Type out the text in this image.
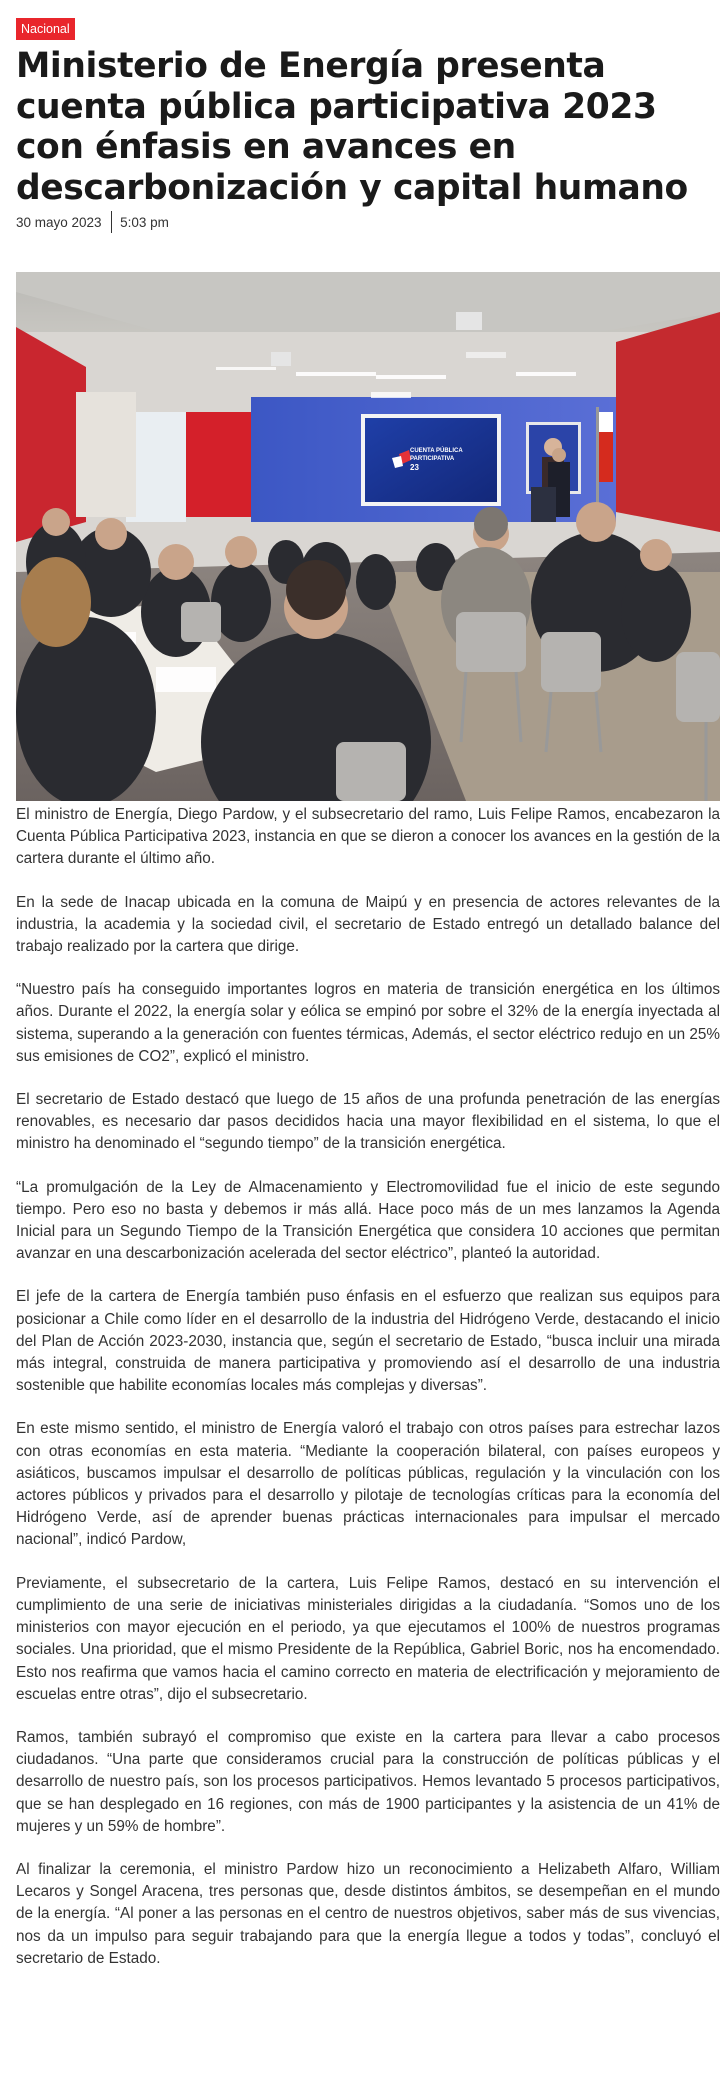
Nacional
Ministerio de Energía presenta cuenta pública participativa 2023 con énfasis en avances en descarbonización y capital humano
30 mayo 2023 5:03 pm
CUENTA PÚBLICA
PARTICIPATIVA
23

El ministro de Energía, Diego Pardow, y el subsecretario del ramo, Luis Felipe Ramos, encabezaron la Cuenta Pública Participativa 2023, instancia en que se dieron a conocer los avances en la gestión de la cartera durante el último año.

En la sede de Inacap ubicada en la comuna de Maipú y en presencia de actores relevantes de la industria, la academia y la sociedad civil, el secretario de Estado entregó un detallado balance del trabajo realizado por la cartera que dirige.

“Nuestro país ha conseguido importantes logros en materia de transición energética en los últimos años. Durante el 2022, la energía solar y eólica se empinó por sobre el 32% de la energía inyectada al sistema, superando a la generación con fuentes térmicas, Además, el sector eléctrico redujo en un 25% sus emisiones de CO2”, explicó el ministro.

El secretario de Estado destacó que luego de 15 años de una profunda penetración de las energías renovables, es necesario dar pasos decididos hacia una mayor flexibilidad en el sistema, lo que el ministro ha denominado el “segundo tiempo” de la transición energética.

“La promulgación de la Ley de Almacenamiento y Electromovilidad fue el inicio de este segundo tiempo. Pero eso no basta y debemos ir más allá. Hace poco más de un mes lanzamos la Agenda Inicial para un Segundo Tiempo de la Transición Energética que considera 10 acciones que permitan avanzar en una descarbonización acelerada del sector eléctrico”, planteó la autoridad.

El jefe de la cartera de Energía también puso énfasis en el esfuerzo que realizan sus equipos para posicionar a Chile como líder en el desarrollo de la industria del Hidrógeno Verde, destacando el inicio del Plan de Acción 2023-2030, instancia que, según el secretario de Estado, “busca incluir una mirada más integral, construida de manera participativa y promoviendo así el desarrollo de una industria sostenible que habilite economías locales más complejas y diversas”.

En este mismo sentido, el ministro de Energía valoró el trabajo con otros países para estrechar lazos con otras economías en esta materia. “Mediante la cooperación bilateral, con países europeos y asiáticos, buscamos impulsar el desarrollo de políticas públicas, regulación y la vinculación con los actores públicos y privados para el desarrollo y pilotaje de tecnologías críticas para la economía del Hidrógeno Verde, así de aprender buenas prácticas internacionales para impulsar el mercado nacional”, indicó Pardow,

Previamente, el subsecretario de la cartera, Luis Felipe Ramos, destacó en su intervención el cumplimiento de una serie de iniciativas ministeriales dirigidas a la ciudadanía. “Somos uno de los ministerios con mayor ejecución en el periodo, ya que ejecutamos el 100% de nuestros programas sociales. Una prioridad, que el mismo Presidente de la República, Gabriel Boric, nos ha encomendado. Esto nos reafirma que vamos hacia el camino correcto en materia de electrificación y mejoramiento de escuelas entre otras”, dijo el subsecretario.

Ramos, también subrayó el compromiso que existe en la cartera para llevar a cabo procesos ciudadanos. “Una parte que consideramos crucial para la construcción de políticas públicas y el desarrollo de nuestro país, son los procesos participativos. Hemos levantado 5 procesos participativos, que se han desplegado en 16 regiones, con más de 1900 participantes y la asistencia de un 41% de mujeres y un 59% de hombre”.

Al finalizar la ceremonia, el ministro Pardow hizo un reconocimiento a Helizabeth Alfaro, William Lecaros y Songel Aracena, tres personas que, desde distintos ámbitos, se desempeñan en el mundo de la energía. “Al poner a las personas en el centro de nuestros objetivos, saber más de sus vivencias, nos da un impulso para seguir trabajando para que la energía llegue a todos y todas”, concluyó el secretario de Estado.
